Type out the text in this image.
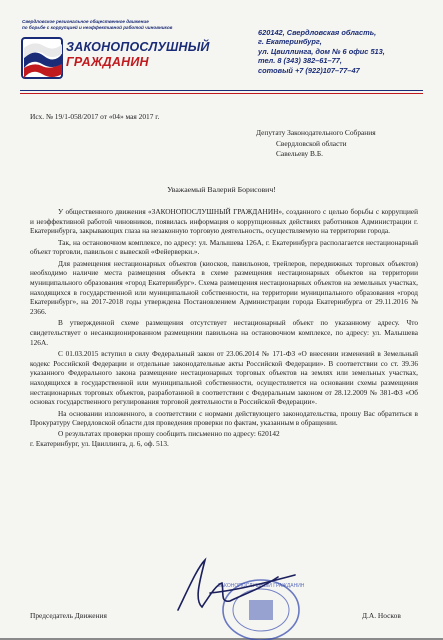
Свердловское региональное общественное движение
по борьбе с коррупцией и неэффективной работой чиновников
ЗАКОНОПОСЛУШНЫЙ
ГРАЖДАНИН
620142, Свердловская область,
г. Екатеринбург,
ул. Цвиллинга, дом № 6 офис 513,
тел. 8 (343) 382–61–77,
сотовый +7 (922)107–77–47
Исх. № 19/1-058/2017 от «04» мая 2017 г.
Депутату Законодательного Собрания
Свердловской области
Савельеву В.Б.
Уважаемый Валерий Борисович!

У общественного движения «ЗАКОНОПОСЛУШНЫЙ ГРАЖДАНИН», созданного с целью борьбы с коррупцией и неэффективной работой чиновников, появилась информация о коррупционных действиях работников Администрации г. Екатеринбурга, закрывающих глаза на незаконную торговую деятельность, осуществляемую на территории города.

Так, на остановочном комплексе, по адресу: ул. Малышева 126А, г. Екатеринбурга располагается нестационарный объект торговли, павильон с вывеской «Фейерверки.».

Для размещения нестационарных объектов (киосков, павильонов, трейлеров, передвижных торговых объектов) необходимо наличие места размещения объекта в схеме размещения нестационарных объектов на территории муниципального образования «город Екатеринбург». Схема размещения нестационарных объектов на земельных участках, находящихся в государственной или муниципальной собственности, на территории муниципального образования «город Екатеринбург», на 2017-2018 годы утверждена Постановлением Администрации города Екатеринбурга от 29.11.2016 № 2366.

В утвержденной схеме размещения отсутствует нестационарный объект по указанному адресу. Что свидетельствует о несанкционированном размещении павильона на остановочном комплексе, по адресу: ул. Малышева 126А.

С 01.03.2015 вступил в силу Федеральный закон от 23.06.2014 № 171-ФЗ «О внесении изменений в Земельный кодекс Российской Федерации и отдельные законодательные акты Российской Федерации». В соответствии со ст. 39.36 указанного Федерального закона размещение нестационарных торговых объектов на землях или земельных участках, находящихся в государственной или муниципальной собственности, осуществляется на основании схемы размещения нестационарных торговых объектов, разработанной в соответствии с Федеральным законом от 28.12.2009 № 381-ФЗ «Об основах государственного регулирования торговой деятельности в Российской Федерации».

На основании изложенного, в соответствии с нормами действующего законодательства, прошу Вас обратиться в Прокуратуру Свердловской области для проведения проверки по фактам, указанным в обращении.

О результатах проверки прошу сообщить письменно по адресу: 620142

г. Екатеринбург, ул. Цвиллинга, д. 6, оф. 513.

ЗАКОНОПОСЛУШНЫЙ ГРАЖДАНИН
Председатель Движения	Д.А. Носков
